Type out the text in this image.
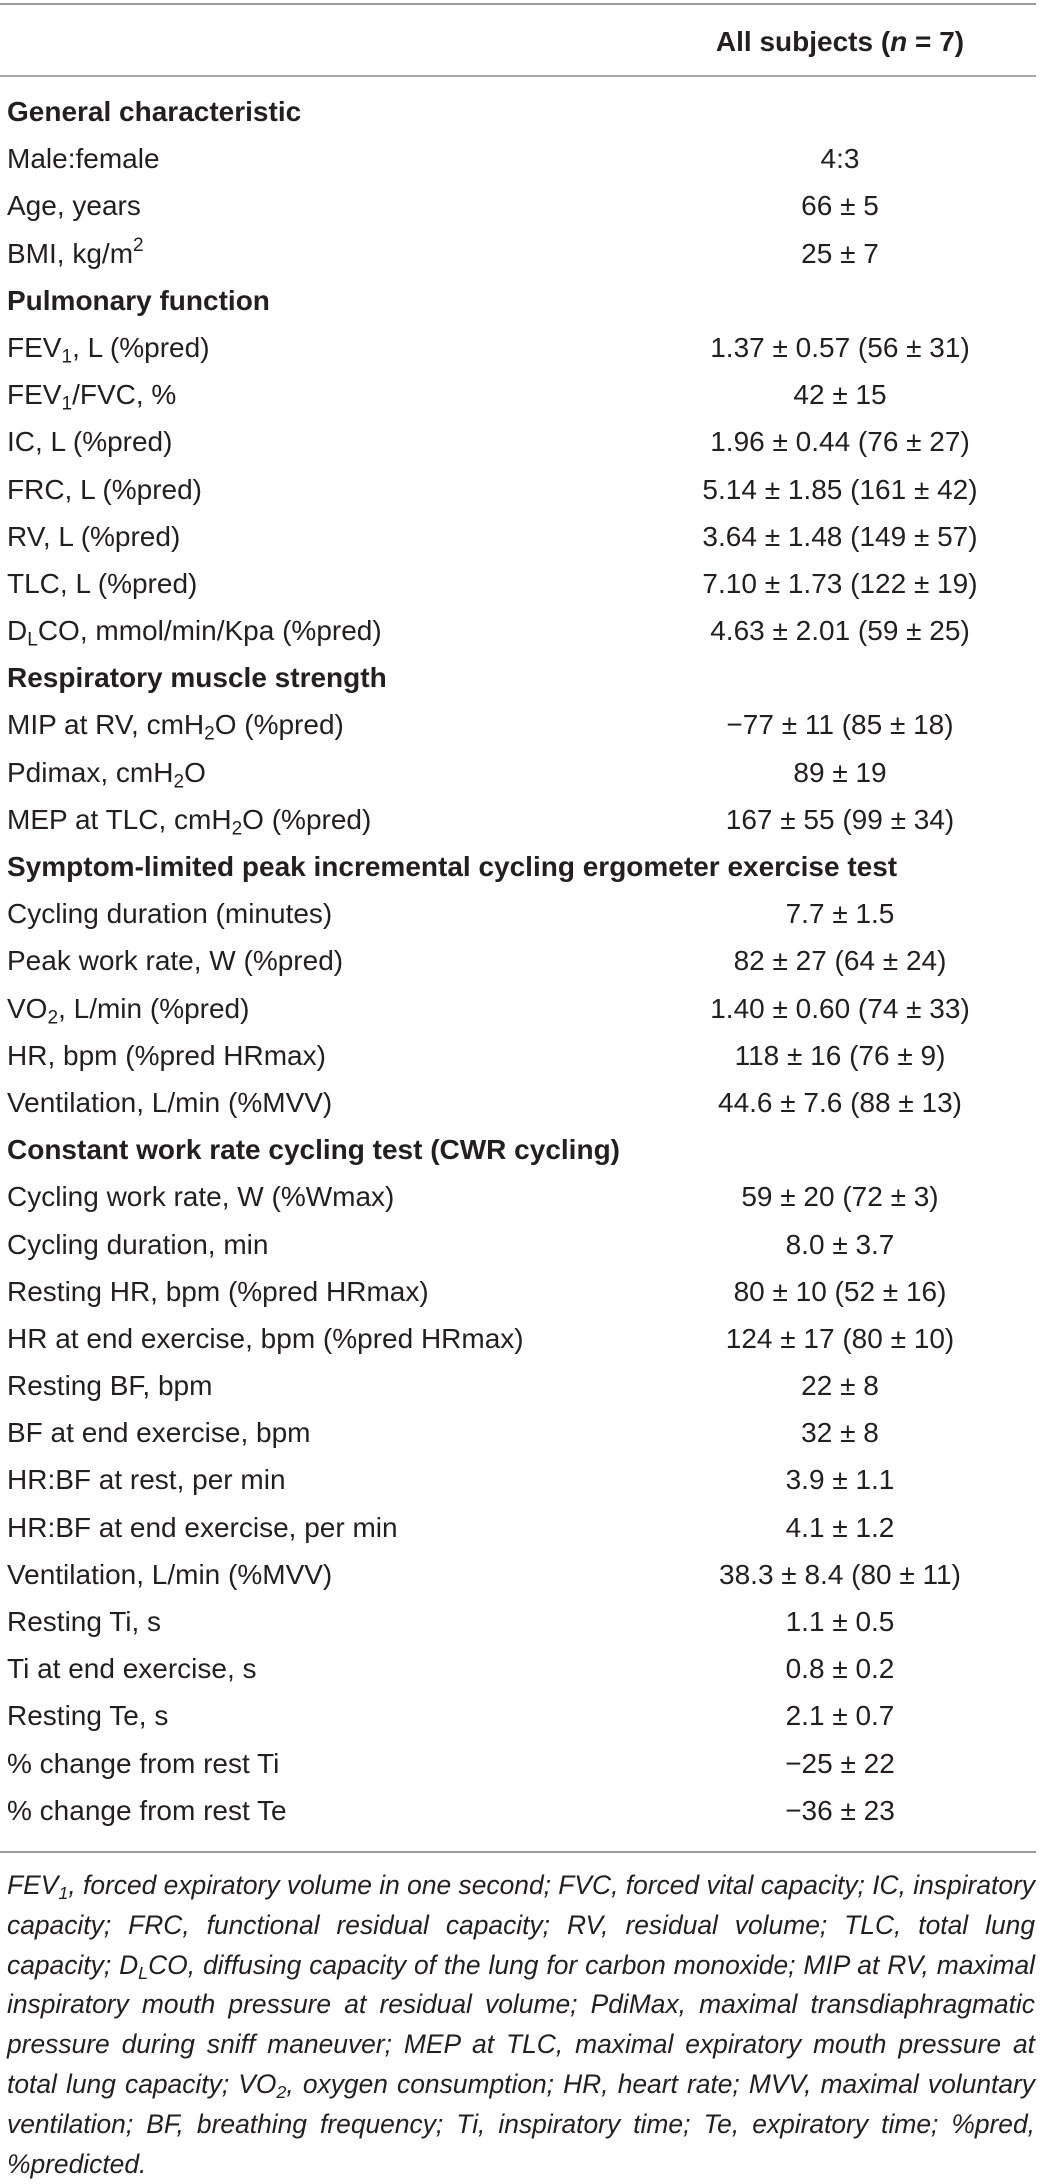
All subjects (n = 7)
General characteristic
Male:female	4:3
Age, years	66 ± 5
BMI, $kg/m^2$	25 ± 7
Pulmonary function
$FEV_1$, L (%pred)	1.37 ± 0.57 (56 ± 31)
$FEV_1$/FVC, %	42 ± 15
IC, L (%pred)	1.96 ± 0.44 (76 ± 27)
FRC, L (%pred)	5.14 ± 1.85 (161 ± 42)
RV, L (%pred)	3.64 ± 1.48 (149 ± 57)
TLC, L (%pred)	7.10 ± 1.73 (122 ± 19)
$D_LCO$, mmol/min/Kpa (%pred)	4.63 ± 2.01 (59 ± 25)
Respiratory muscle strength
MIP at RV, cmH$_2$O (%pred)	−77 ± 11 (85 ± 18)
Pdimax, cmH$_2$O	89 ± 19
MEP at TLC, cmH$_2$O (%pred)	167 ± 55 (99 ± 34)
Symptom-limited peak incremental cycling ergometer exercise test
Cycling duration (minutes)	7.7 ± 1.5
Peak work rate, W (%pred)	82 ± 27 (64 ± 24)
$VO_2$, L/min (%pred)	1.40 ± 0.60 (74 ± 33)
HR, bpm (%pred HRmax)	118 ± 16 (76 ± 9)
Ventilation, L/min (%MVV)	44.6 ± 7.6 (88 ± 13)
Constant work rate cycling test (CWR cycling)
Cycling work rate, W (%Wmax)	59 ± 20 (72 ± 3)
Cycling duration, min	8.0 ± 3.7
Resting HR, bpm (%pred HRmax)	80 ± 10 (52 ± 16)
HR at end exercise, bpm (%pred HRmax)	124 ± 17 (80 ± 10)
Resting BF, bpm	22 ± 8
BF at end exercise, bpm	32 ± 8
HR:BF at rest, per min	3.9 ± 1.1
HR:BF at end exercise, per min	4.1 ± 1.2
Ventilation, L/min (%MVV)	38.3 ± 8.4 (80 ± 11)
Resting Ti, s	1.1 ± 0.5
Ti at end exercise, s	0.8 ± 0.2
Resting Te, s	2.1 ± 0.7
% change from rest Ti	−25 ± 22
% change from rest Te	−36 ± 23
$FEV_1$, forced expiratory volume in one second; FVC, forced vital capacity; IC, inspiratory capacity; FRC, functional residual capacity; RV, residual volume; TLC, total lung capacity; $D_LCO$, diffusing capacity of the lung for carbon monoxide; MIP at RV, maximal inspiratory mouth pressure at residual volume; PdiMax, maximal transdiaphragmatic pressure during sniff maneuver; MEP at TLC, maximal expiratory mouth pressure at total lung capacity; $VO_2$, oxygen consumption; HR, heart rate; MVV, maximal voluntary ventilation; BF, breathing frequency; Ti, inspiratory time; Te, expiratory time; %pred, %predicted.
